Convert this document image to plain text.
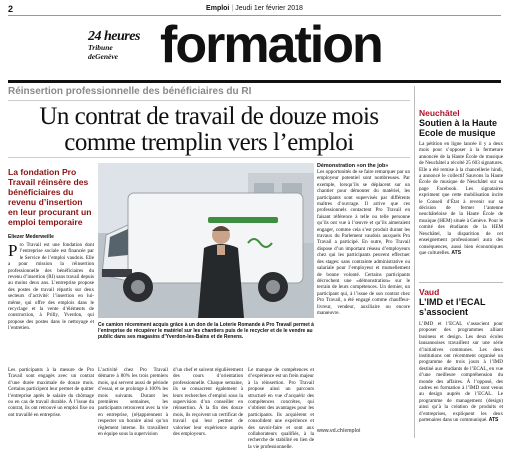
2	Emploi | Jeudi 1er février 2018
24 heures
Tribune
deGenève formation
Réinsertion professionnelle des bénéficiaires du RI
Un contrat de travail de douze mois
comme tremplin vers l’emploi
La fondation Pro Travail réinsère des bénéficiaires du revenu d’insertion en leur procurant un emploi temporaire
Eliezer Mederweille
Pro Travail est une fondation dont l’entreprise sociale est financée par le Service de l’emploi vaudois. Elle a pour mission la réinsertion professionnelle des bénéficiaires du revenu d’insertion (RI) sans travail depuis au moins deux ans. L’entreprise propose des postes de travail répartis sur deux secteurs d’activité: l’insertion en lui-même, qui offre des emplois dans le recyclage et la vente d’éléments de construction, à Prilly, Yverdon, qui propose des postes dans le nettoyage et l’entretien.
Les participants à la mesure de Pro Travail sont engagés avec un contrat d’une durée maximale de douze mois. Certains participent leur permet de quitter l’entreprise après le salaire du chômage ou en cas de travail durable. À l’issue du contrat, ils ont retrouvé un emploi fixe ou ont travaillé en entreprise.
Ce camion récemment acquis grâce à un don de la Loterie Romande à Pro Travail permet à l’entreprise de récupérer le matériel sur les chantiers puis de le recycler et de le vendre au public dans ses magasins d’Yverdon-les-Bains et de Renens.
L’activité chez Pro Travail démarre à 80% les trois premiers mois, qui servent aussi de période d’essai, et se prolonge à 100% les mois suivants. Durant les premières semaines, les participants retrouvent avec la vie en entreprise, (ré)apprennent à respecter un horaire ainsi qu’un règlement interne. Ils travaillent en équipe sous la supervision
d’un chef et suivent régulièrement des cours d’orientation professionnelle. Chaque semaine, ils se consacrent également à leurs recherches d’emploi sous la supervision d’un conseiller en réinsertion. À la fin des douze mois, ils reçoivent un certificat de travail qui leur permet de valoriser leur expérience auprès des employeurs.
Le manque de compétences et d’expérience est un frein majeur à la réinsertion. Pro Travail propose ainsi un parcours structuré en vue d’acquérir des compétences concrètes, qui s’obtient des avantages pour les participants. Ils acquièrent et consolident une expérience et des savoir-faire et sont aux collaborateurs qualifiés, à la recherche de stabilité en lien de la vie professionnelle.
Démonstration «on the job»
Les opportunités de se faire remarquer par un employeur potentiel sont nombreuses. Par exemple, lorsqu’ils se déplacent sur un chantier pour démonter du matériel, les participants sont supervisés par différents maîtres d’ouvrage. Il arrive que ces professionnels contactent Pro Travail en faisant référence à telle ou telle personne qu’ils ont vue à l’œuvre et qu’ils aimeraient engager, comme cela s’est produit durant les travaux du Parlement vaudois auxquels Pro Travail a participé. En outre, Pro Travail dispose d’un important réseau d’employeurs chez qui les participants peuvent effectuer des stages: sans contrainte administrative ou salariale pour l’employeur et mutuellement de bonne volonté. Certains participants décrochent une «démonstration» sur le terrain de leurs compétences. Un dernier, un participant qui, à l’issue de son contrat chez Pro Travail, a été engagé comme chauffeur-livreur, vendeur, auxiliaire ou encore manœuvre.
www.vd.ch/emploi
Neuchâtel
Soutien à la Haute Ecole de musique
La pétition en ligne lancée il y a deux mois pour s’opposer à la fermeture annoncée de la Haute École de musique de Neuchâtel a récolté 25 603 signatures. Elle a été remise à la chancellerie hindi, a annoncé le collectif Sauvons la Haute École de musique de Neuchâtel sur sa page Facebook. Les signataires expriment que cette mobilisation incite le Conseil d’État à revenir sur sa décision de fermer l’antenne neuchâteloise de la Haute École de musique (HEM) située à Genève. Pour le comité des étudiants de la HEM Neuchâtel, la disparition de cet enseignement professionnel aura des conséquences, aussi bien économiques que culturelles. ATS
Vaud
L’IMD et l’ECAL s’associent
L’IMD et l’ECAL s’associent pour proposer des programmes alliant business et design. Les deux écoles lausannoises travaillent sur une série d’initiatives communes. Les deux institutions ont récemment organisé un programme de trois jours à l’IMD destiné aux étudiants de l’ECAL, en vue d’une meilleure compréhension du monde des affaires. À l’opposé, des cadres en formation à l’IMD sont venus au design auprès de l’ECAL. Le programme de management (design) ainsi qu’à la création de produits et d’entreprises, expliquent les deux partenaires dans un communiqué. ATS
